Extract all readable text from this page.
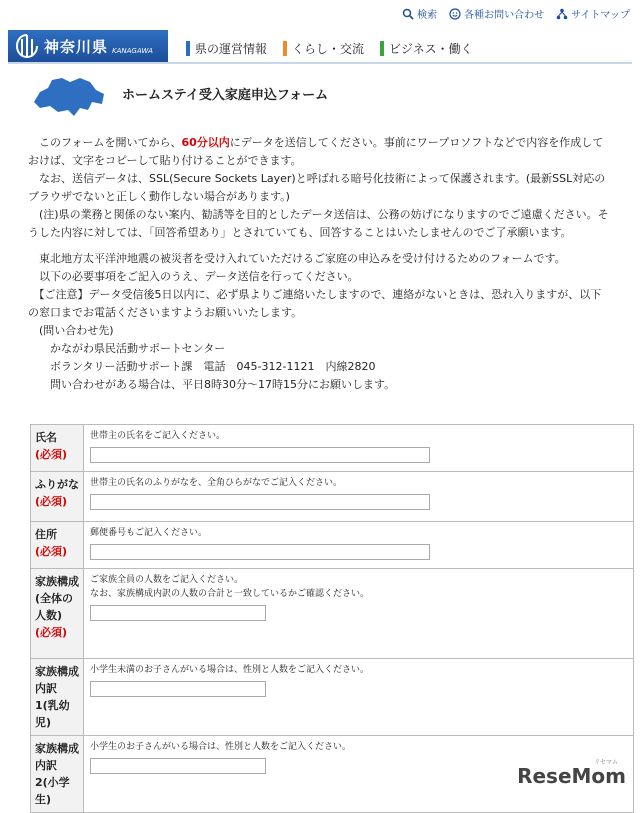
検索	各種お問い合わせ	サイトマップ
神奈川県 KANAGAWA	県の運営情報 くらし・交流 ビジネス・働く
ホームステイ受入家庭申込フォーム

　このフォームを開いてから、60分以内にデータを送信してください。事前にワープロソフトなどで内容を作成しておけば、文字をコピーして貼り付けることができます。

　なお、送信データは、SSL(Secure Sockets Layer)と呼ばれる暗号化技術によって保護されます。(最新SSL対応のブラウザでないと正しく動作しない場合があります。)

　(注)県の業務と関係のない案内、勧誘等を目的としたデータ送信は、公務の妨げになりますのでご遠慮ください。そうした内容に対しては、「回答希望あり」とされていても、回答することはいたしませんのでご了承願います。

　東北地方太平洋沖地震の被災者を受け入れていただけるご家庭の申込みを受け付けるためのフォームです。

　以下の必要事項をご記入のうえ、データ送信を行ってください。

　【ご注意】データ受信後5日以内に、必ず県よりご連絡いたしますので、連絡がないときは、恐れ入りますが、以下の窓口までお電話くださいますようお願いいたします。

　(問い合わせ先)

　　かながわ県民活動サポートセンター

　　ボランタリー活動サポート課　電話　045-312-1121　内線2820

　　問い合わせがある場合は、平日8時30分～17時15分にお願いします。

氏名
(必須)	世帯主の氏名をご記入ください。

ふりがな
(必須)	世帯主の氏名のふりがなを、全角ひらがなでご記入ください。

住所
(必須)	郵便番号もご記入ください。

家族構成(全体の人数)
(必須)	ご家族全員の人数をご記入ください。
なお、家族構成内訳の人数の合計と一致しているかご確認ください。

家族構成内訳1(乳幼児)	小学生未満のお子さんがいる場合は、性別と人数をご記入ください。

家族構成内訳2(小学生)	小学生のお子さんがいる場合は、性別と人数をご記入ください。
リセマム
ReseMom
